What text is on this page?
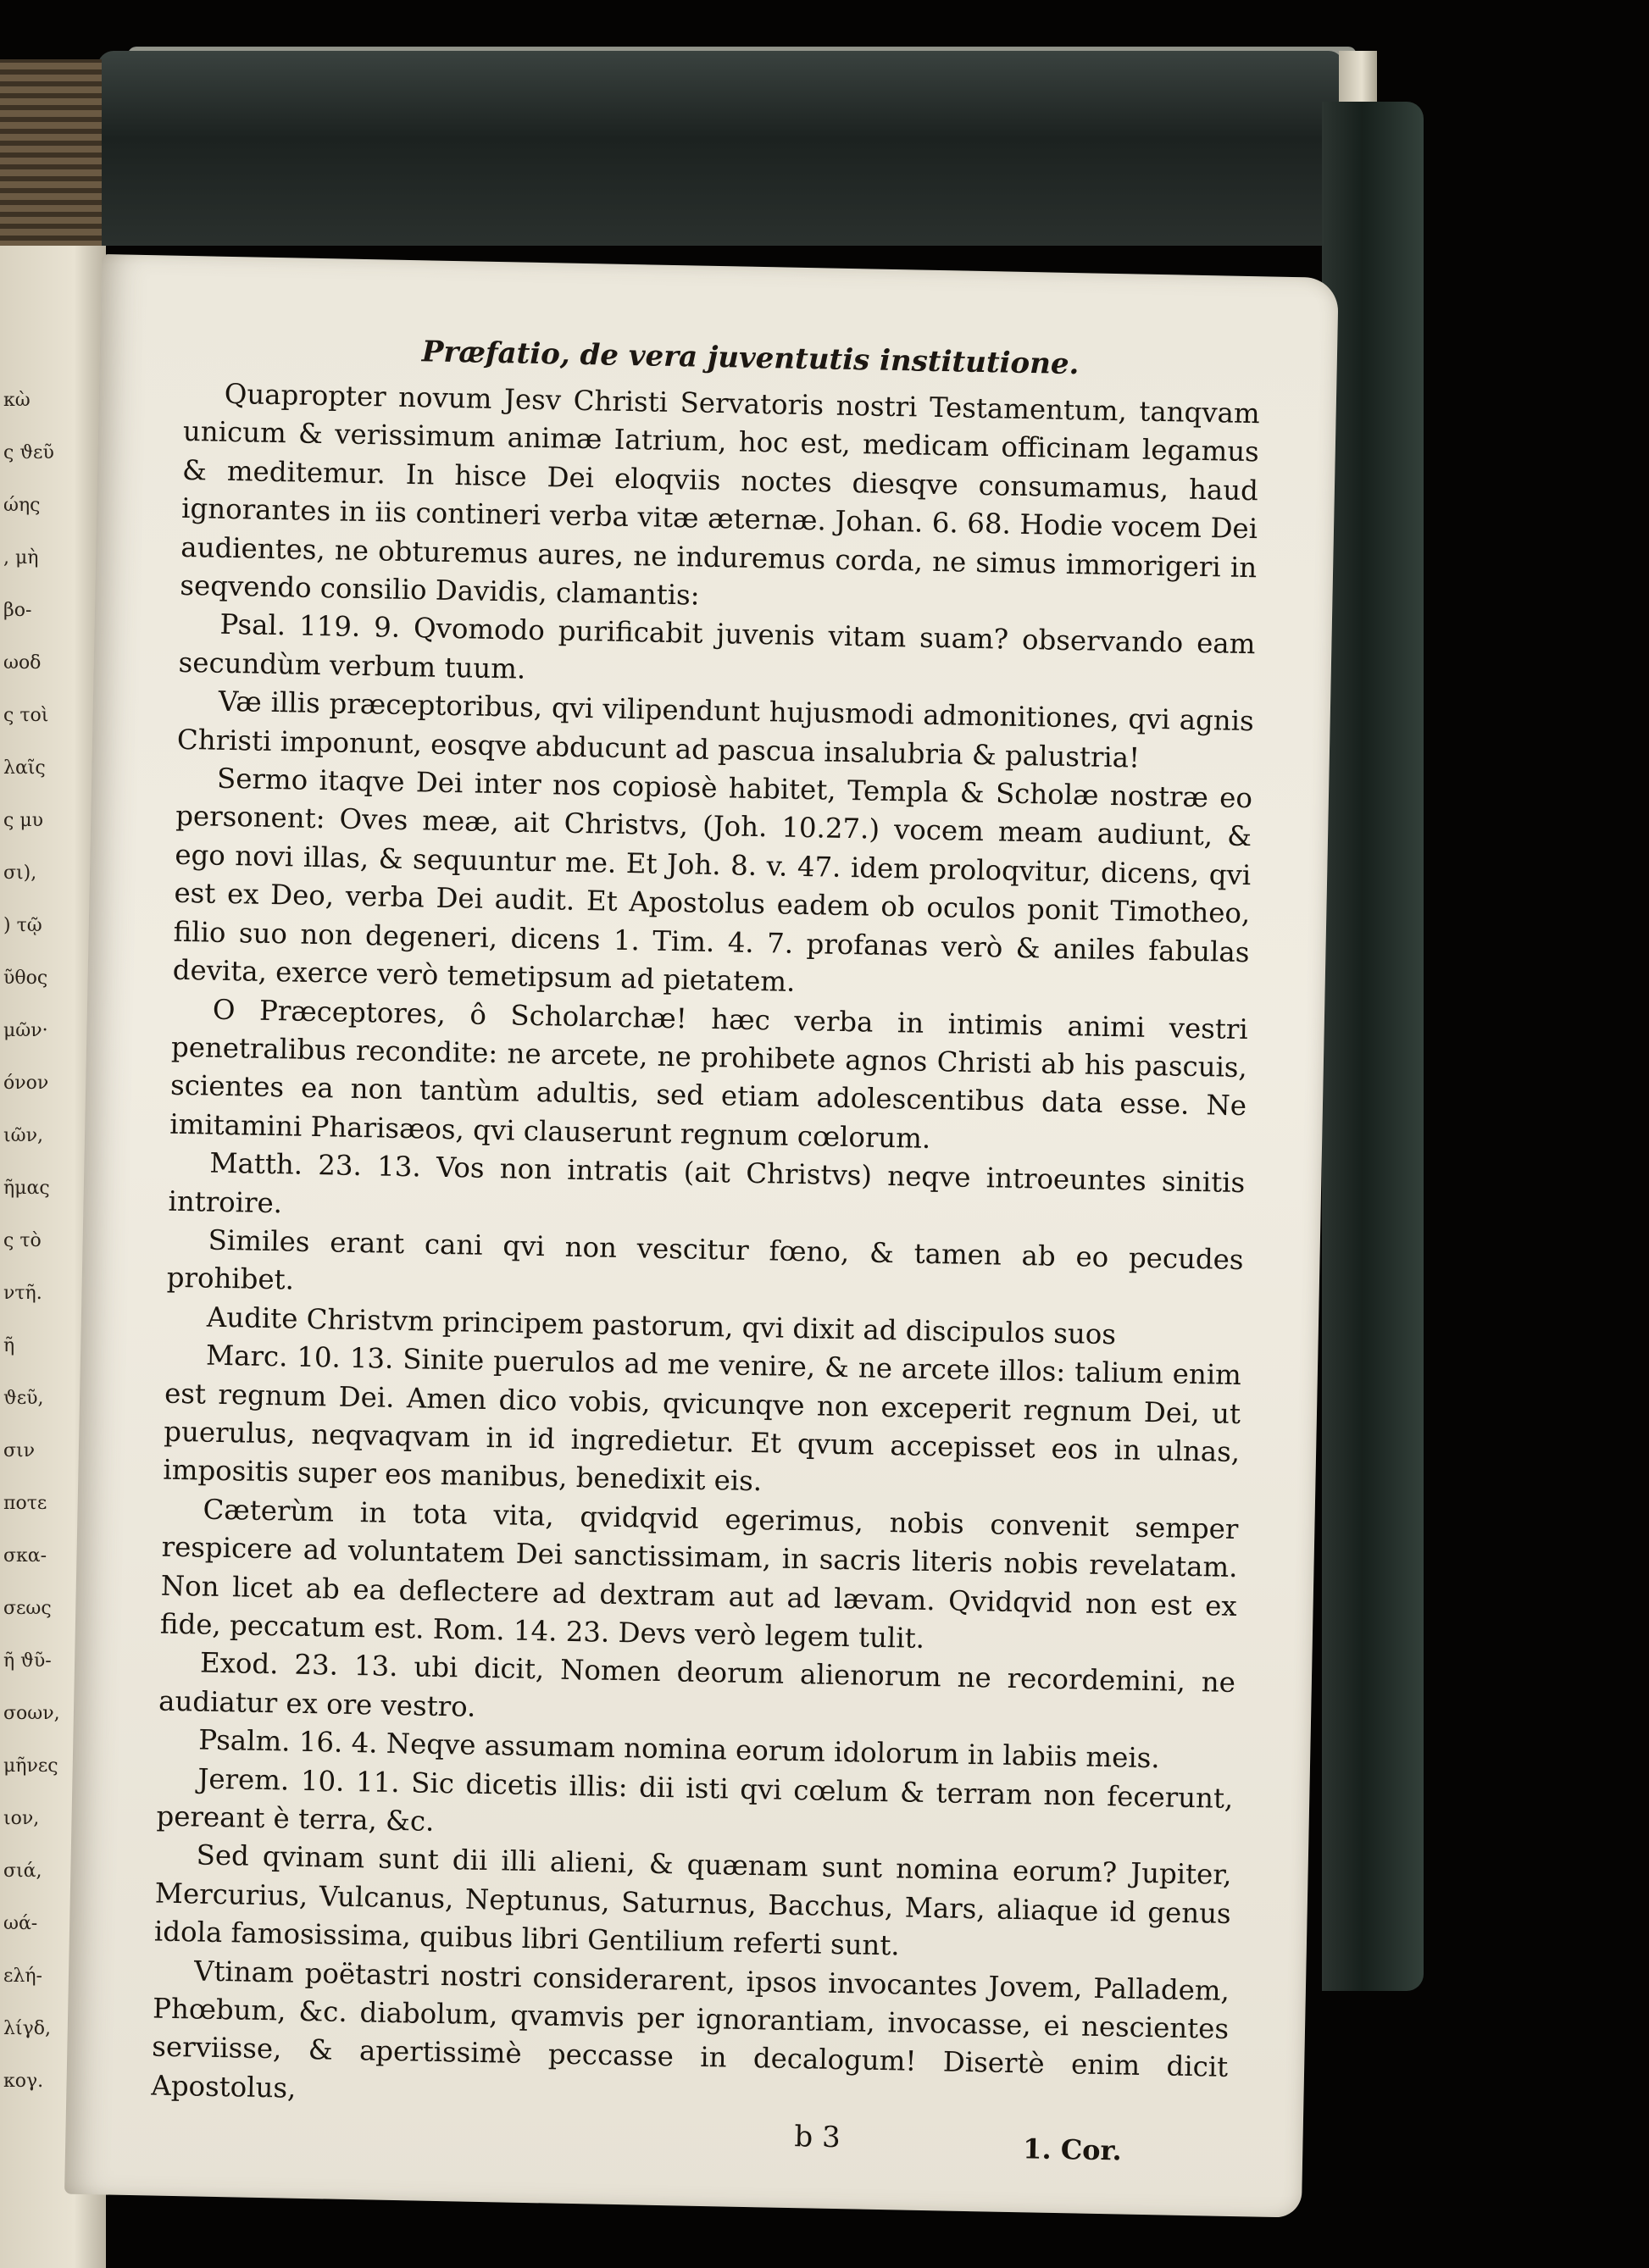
κὼ
ς ϑεῦ
ώης
, μὴ
βο-
ωοδ
ς τοὶ
λαῖς
ς μυ
σι),
) τῷ
ῦθος
μῶν·
όνον
ιῶν,
ῆμας
ς τὸ
ντῆ.
ῆ
ϑεῦ,
σιν
ποτε
σκα-
σεως
ῆ ϑῦ-
σοων,
μῆνες
ιον,
σιά,
ωά-
ελή-
λίγδ,
κογ.
Præfatio, de vera juventutis institutione.

Quapropter novum Jesv Christi Servatoris nostri Testamentum, tanqvam unicum & verissimum animæ Iatrium, hoc est, medicam officinam legamus & meditemur. In hisce Dei eloqviis noctes diesqve consumamus, haud ignorantes in iis contineri verba vitæ æternæ. Johan. 6. 68. Hodie vocem Dei audientes, ne obturemus aures, ne induremus corda, ne simus immorigeri in seqvendo consilio Davidis, clamantis:

Psal. 119. 9. Qvomodo purificabit juvenis vitam suam? observando eam secundùm verbum tuum.

Væ illis præceptoribus, qvi vilipendunt hujusmodi admonitiones, qvi agnis Christi imponunt, eosqve abducunt ad pascua insalubria & palustria!

Sermo itaqve Dei inter nos copiosè habitet, Templa & Scholæ nostræ eo personent: Oves meæ, ait Christvs, (Joh. 10.27.) vocem meam audiunt, & ego novi illas, & sequuntur me. Et Joh. 8. v. 47. idem proloqvitur, dicens, qvi est ex Deo, verba Dei audit. Et Apostolus eadem ob oculos ponit Timotheo, filio suo non degeneri, dicens 1. Tim. 4. 7. profanas verò & aniles fabulas devita, exerce verò temetipsum ad pietatem.

O Præceptores, ô Scholarchæ! hæc verba in intimis animi vestri penetralibus recondite: ne arcete, ne prohibete agnos Christi ab his pascuis, scientes ea non tantùm adultis, sed etiam adolescentibus data esse. Ne imitamini Pharisæos, qvi clauserunt regnum cœlorum.

Matth. 23. 13. Vos non intratis (ait Christvs) neqve introeuntes sinitis introire.

Similes erant cani qvi non vescitur fœno, & tamen ab eo pecudes prohibet.

Audite Christvm principem pastorum, qvi dixit ad discipulos suos

Marc. 10. 13. Sinite puerulos ad me venire, & ne arcete illos: talium enim est regnum Dei. Amen dico vobis, qvicunqve non exceperit regnum Dei, ut puerulus, neqvaqvam in id ingredietur. Et qvum accepisset eos in ulnas, impositis super eos manibus, benedixit eis.

Cæterùm in tota vita, qvidqvid egerimus, nobis convenit semper respicere ad voluntatem Dei sanctissimam, in sacris literis nobis revelatam. Non licet ab ea deflectere ad dextram aut ad lævam. Qvidqvid non est ex fide, peccatum est. Rom. 14. 23. Devs verò legem tulit.

Exod. 23. 13. ubi dicit, Nomen deorum alienorum ne recordemini, ne audiatur ex ore vestro.

Psalm. 16. 4. Neqve assumam nomina eorum idolorum in labiis meis.

Jerem. 10. 11. Sic dicetis illis: dii isti qvi cœlum & terram non fecerunt, pereant è terra, &c.

Sed qvinam sunt dii illi alieni, & quænam sunt nomina eorum? Jupiter, Mercurius, Vulcanus, Neptunus, Saturnus, Bacchus, Mars, aliaque id genus idola famosissima, quibus libri Gentilium referti sunt.

Vtinam poëtastri nostri considerarent, ipsos invocantes Jovem, Palladem, Phœbum, &c. diabolum, qvamvis per ignorantiam, invocasse, ei nescientes serviisse, & apertissimè peccasse in decalogum! Disertè enim dicit Apostolus,

b 3	1. Cor.
